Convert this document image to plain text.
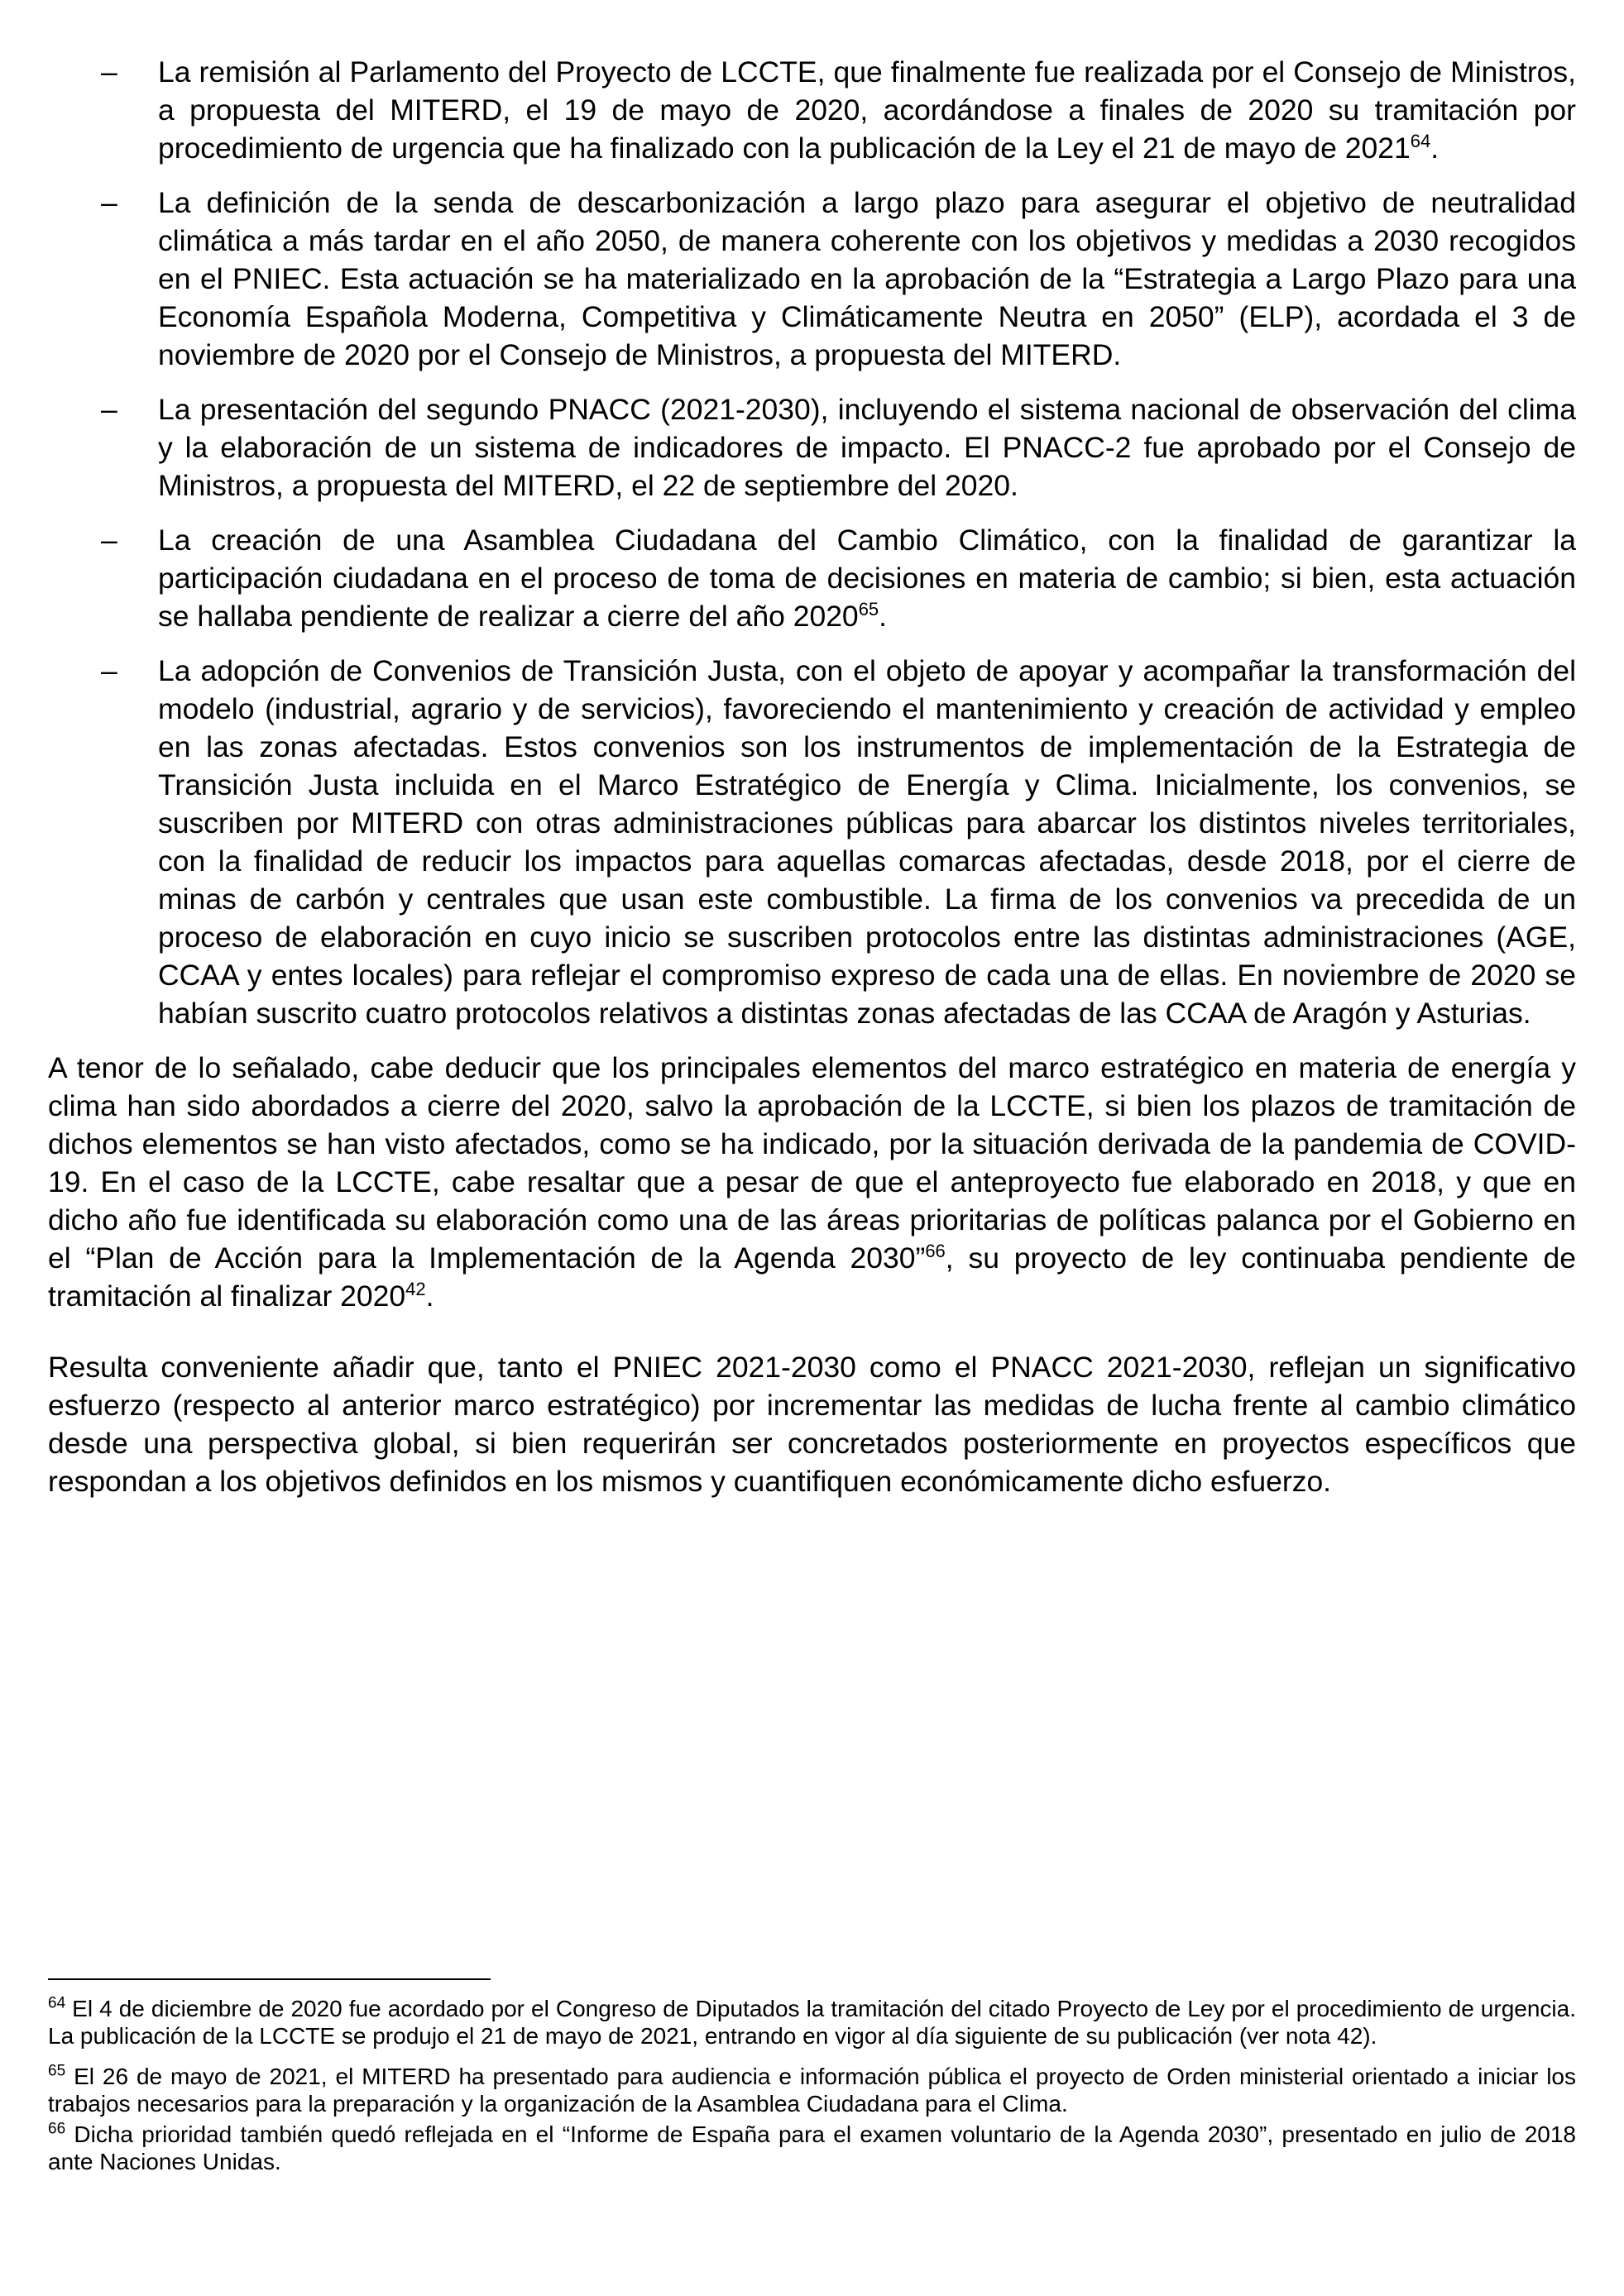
– La remisión al Parlamento del Proyecto de LCCTE, que finalmente fue realizada por el Consejo de Ministros, a propuesta del MITERD, el 19 de mayo de 2020, acordándose a finales de 2020 su tramitación por procedimiento de urgencia que ha finalizado con la publicación de la Ley el 21 de mayo de 2021$^{64}$.
– La definición de la senda de descarbonización a largo plazo para asegurar el objetivo de neutralidad climática a más tardar en el año 2050, de manera coherente con los objetivos y medidas a 2030 recogidos en el PNIEC. Esta actuación se ha materializado en la aprobación de la “Estrategia a Largo Plazo para una Economía Española Moderna, Competitiva y Climáticamente Neutra en 2050” (ELP), acordada el 3 de noviembre de 2020 por el Consejo de Ministros, a propuesta del MITERD.
– La presentación del segundo PNACC (2021-2030), incluyendo el sistema nacional de observación del clima y la elaboración de un sistema de indicadores de impacto. El PNACC-2 fue aprobado por el Consejo de Ministros, a propuesta del MITERD, el 22 de septiembre del 2020.
– La creación de una Asamblea Ciudadana del Cambio Climático, con la finalidad de garantizar la participación ciudadana en el proceso de toma de decisiones en materia de cambio; si bien, esta actuación se hallaba pendiente de realizar a cierre del año 2020$^{65}$.
– La adopción de Convenios de Transición Justa, con el objeto de apoyar y acompañar la transformación del modelo (industrial, agrario y de servicios), favoreciendo el mantenimiento y creación de actividad y empleo en las zonas afectadas. Estos convenios son los instrumentos de implementación de la Estrategia de Transición Justa incluida en el Marco Estratégico de Energía y Clima. Inicialmente, los convenios, se suscriben por MITERD con otras administraciones públicas para abarcar los distintos niveles territoriales, con la finalidad de reducir los impactos para aquellas comarcas afectadas, desde 2018, por el cierre de minas de carbón y centrales que usan este combustible. La firma de los convenios va precedida de un proceso de elaboración en cuyo inicio se suscriben protocolos entre las distintas administraciones (AGE, CCAA y entes locales) para reflejar el compromiso expreso de cada una de ellas. En noviembre de 2020 se habían suscrito cuatro protocolos relativos a distintas zonas afectadas de las CCAA de Aragón y Asturias.

A tenor de lo señalado, cabe deducir que los principales elementos del marco estratégico en materia de energía y clima han sido abordados a cierre del 2020, salvo la aprobación de la LCCTE, si bien los plazos de tramitación de dichos elementos se han visto afectados, como se ha indicado, por la situación derivada de la pandemia de COVID-19. En el caso de la LCCTE, cabe resaltar que a pesar de que el anteproyecto fue elaborado en 2018, y que en dicho año fue identificada su elaboración como una de las áreas prioritarias de políticas palanca por el Gobierno en el “Plan de Acción para la Implementación de la Agenda 2030”$^{66}$, su proyecto de ley continuaba pendiente de tramitación al finalizar 2020$^{42}$.

Resulta conveniente añadir que, tanto el PNIEC 2021-2030 como el PNACC 2021-2030, reflejan un significativo esfuerzo (respecto al anterior marco estratégico) por incrementar las medidas de lucha frente al cambio climático desde una perspectiva global, si bien requerirán ser concretados posteriormente en proyectos específicos que respondan a los objetivos definidos en los mismos y cuantifiquen económicamente dicho esfuerzo.

$^{64}$ El 4 de diciembre de 2020 fue acordado por el Congreso de Diputados la tramitación del citado Proyecto de Ley por el procedimiento de urgencia. La publicación de la LCCTE se produjo el 21 de mayo de 2021, entrando en vigor al día siguiente de su publicación (ver nota 42).

$^{65}$ El 26 de mayo de 2021, el MITERD ha presentado para audiencia e información pública el proyecto de Orden ministerial orientado a iniciar los trabajos necesarios para la preparación y la organización de la Asamblea Ciudadana para el Clima.

$^{66}$ Dicha prioridad también quedó reflejada en el “Informe de España para el examen voluntario de la Agenda 2030”, presentado en julio de 2018 ante Naciones Unidas.
